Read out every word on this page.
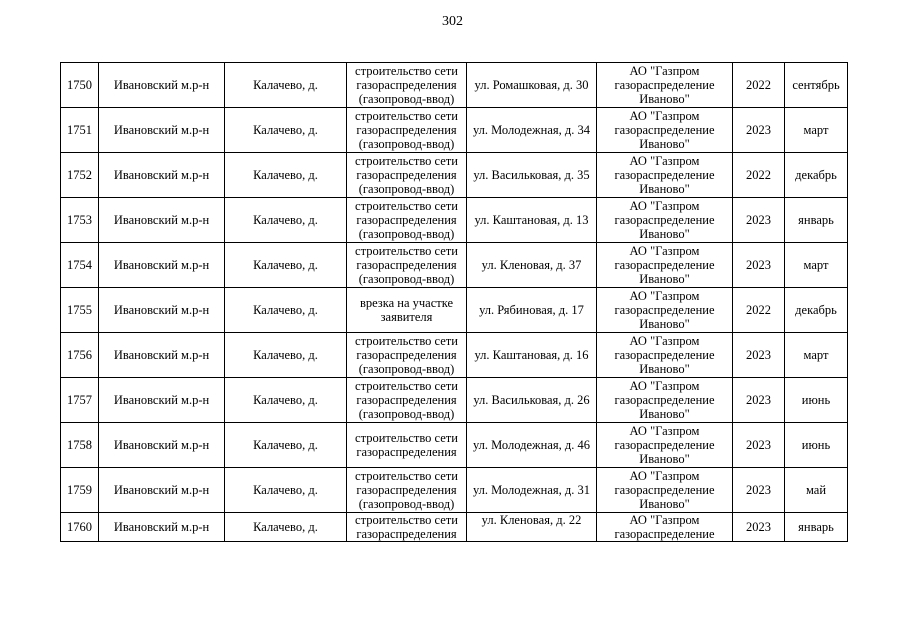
302
1750	Ивановский м.р-н	Калачево, д.	строительство сети газораспределения (газопровод-ввод)	ул. Ромашковая, д. 30	АО "Газпром газораспределение Иваново"	2022	сентябрь
1751	Ивановский м.р-н	Калачево, д.	строительство сети газораспределения (газопровод-ввод)	ул. Молодежная, д. 34	АО "Газпром газораспределение Иваново"	2023	март
1752	Ивановский м.р-н	Калачево, д.	строительство сети газораспределения (газопровод-ввод)	ул. Васильковая, д. 35	АО "Газпром газораспределение Иваново"	2022	декабрь
1753	Ивановский м.р-н	Калачево, д.	строительство сети газораспределения (газопровод-ввод)	ул. Каштановая, д. 13	АО "Газпром газораспределение Иваново"	2023	январь
1754	Ивановский м.р-н	Калачево, д.	строительство сети газораспределения (газопровод-ввод)	ул. Кленовая, д. 37	АО "Газпром газораспределение Иваново"	2023	март
1755	Ивановский м.р-н	Калачево, д.	врезка на участке заявителя	ул. Рябиновая, д. 17	АО "Газпром газораспределение Иваново"	2022	декабрь
1756	Ивановский м.р-н	Калачево, д.	строительство сети газораспределения (газопровод-ввод)	ул. Каштановая, д. 16	АО "Газпром газораспределение Иваново"	2023	март
1757	Ивановский м.р-н	Калачево, д.	строительство сети газораспределения (газопровод-ввод)	ул. Васильковая, д. 26	АО "Газпром газораспределение Иваново"	2023	июнь
1758	Ивановский м.р-н	Калачево, д.	строительство сети газораспределения	ул. Молодежная, д. 46	АО "Газпром газораспределение Иваново"	2023	июнь
1759	Ивановский м.р-н	Калачево, д.	строительство сети газораспределения (газопровод-ввод)	ул. Молодежная, д. 31	АО "Газпром газораспределение Иваново"	2023	май

1760	Ивановский м.р-н	Калачево, д.	строительство сети газораспределения	ул. Кленовая, д. 22	АО "Газпром газораспределение	2023	январь
